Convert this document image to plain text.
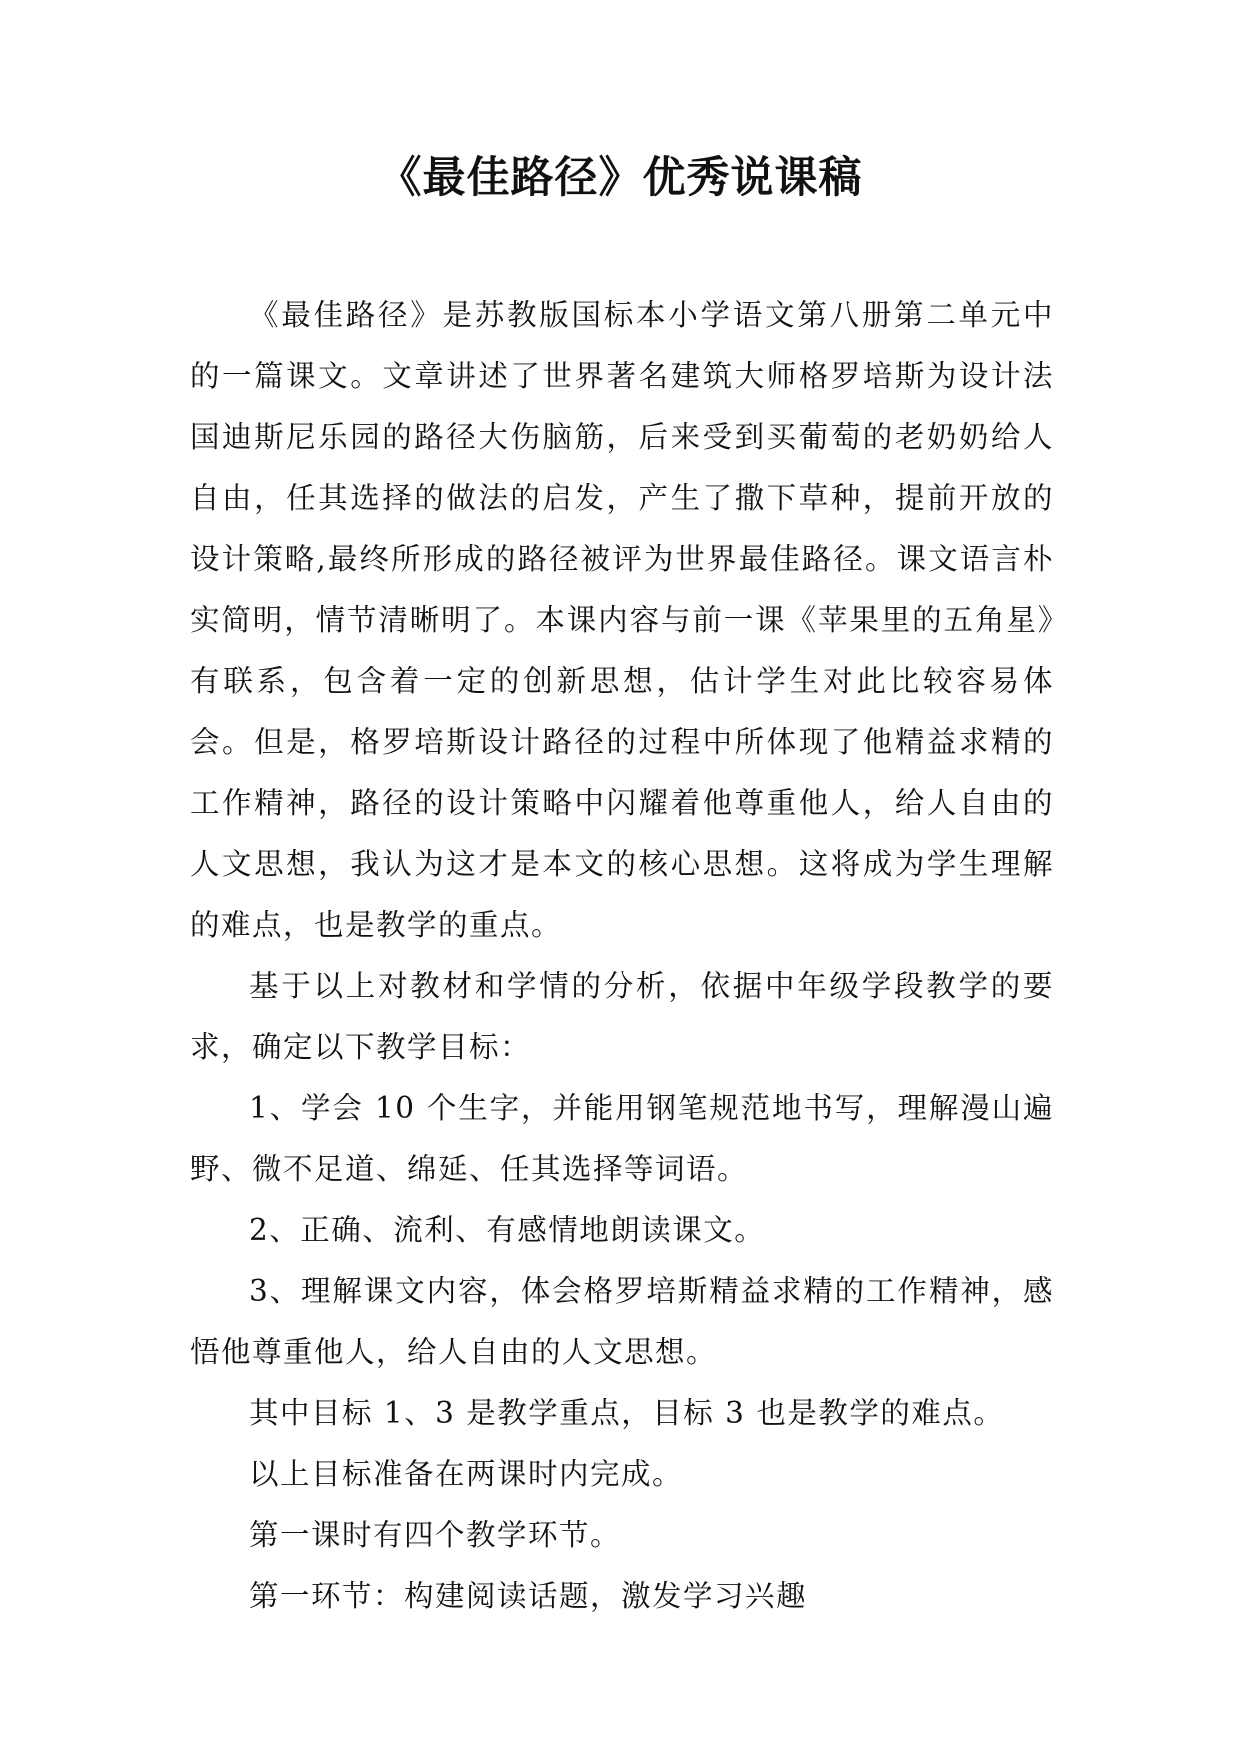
《最佳路径》优秀说课稿

《最佳路径》是苏教版国标本小学语文第八册第二单元中的一篇课文。文章讲述了世界著名建筑大师格罗培斯为设计法国迪斯尼乐园的路径大伤脑筋，后来受到买葡萄的老奶奶给人自由，任其选择的做法的启发，产生了撒下草种，提前开放的设计策略,最终所形成的路径被评为世界最佳路径。课文语言朴实简明，情节清晰明了。本课内容与前一课《苹果里的五角星》有联系，包含着一定的创新思想，估计学生对此比较容易体会。但是，格罗培斯设计路径的过程中所体现了他精益求精的工作精神，路径的设计策略中闪耀着他尊重他人，给人自由的人文思想，我认为这才是本文的核心思想。这将成为学生理解的难点，也是教学的重点。

基于以上对教材和学情的分析，依据中年级学段教学的要求，确定以下教学目标：

1、学会 10 个生字，并能用钢笔规范地书写，理解漫山遍野、微不足道、绵延、任其选择等词语。

2、正确、流利、有感情地朗读课文。

3、理解课文内容，体会格罗培斯精益求精的工作精神，感悟他尊重他人，给人自由的人文思想。

其中目标 1、3 是教学重点，目标 3 也是教学的难点。

以上目标准备在两课时内完成。

第一课时有四个教学环节。

第一环节：构建阅读话题，激发学习兴趣
